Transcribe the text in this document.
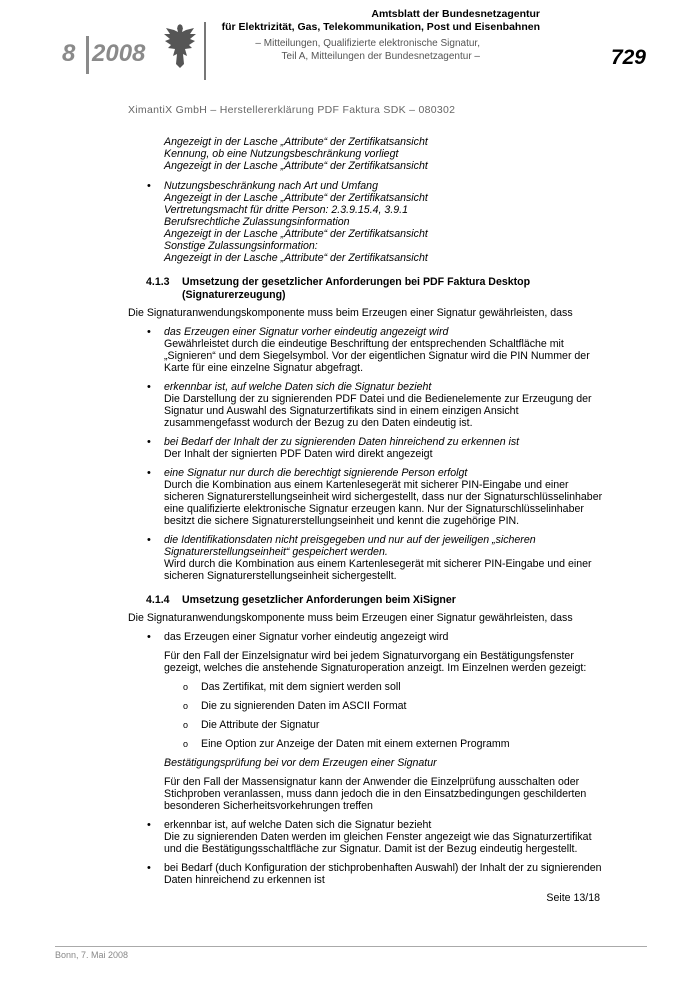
8 2008
Amtsblatt der Bundesnetzagentur
für Elektrizität, Gas, Telekommunikation, Post und Eisenbahnen
– Mitteilungen, Qualifizierte elektronische Signatur,
Teil A, Mitteilungen der Bundesnetzagentur –	729
XimantiX GmbH – Herstellererklärung PDF Faktura SDK – 080302
Angezeigt in der Lasche „Attribute“ der Zertifikatsansicht
Kennung, ob eine Nutzungsbeschränkung vorliegt
Angezeigt in der Lasche „Attribute“ der Zertifikatsansicht
• Nutzungsbeschränkung nach Art und Umfang
Angezeigt in der Lasche „Attribute“ der Zertifikatsansicht
Vertretungsmacht für dritte Person: 2.3.9.15.4, 3.9.1
Berufsrechtliche Zulassungsinformation
Angezeigt in der Lasche „Attribute“ der Zertifikatsansicht
Sonstige Zulassungsinformation:
Angezeigt in der Lasche „Attribute“ der Zertifikatsansicht
4.1.3 Umsetzung der gesetzlicher Anforderungen bei PDF Faktura Desktop
(Signaturerzeugung)
Die Signaturanwendungskomponente muss beim Erzeugen einer Signatur gewährleisten, dass
• das Erzeugen einer Signatur vorher eindeutig angezeigt wird
Gewährleistet durch die eindeutige Beschriftung der entsprechenden Schaltfläche mit
„Signieren“ und dem Siegelsymbol. Vor der eigentlichen Signatur wird die PIN Nummer der
Karte für eine einzelne Signatur abgefragt.
• erkennbar ist, auf welche Daten sich die Signatur bezieht
Die Darstellung der zu signierenden PDF Datei und die Bedienelemente zur Erzeugung der
Signatur und Auswahl des Signaturzertifikats sind in einem einzigen Ansicht
zusammengefasst wodurch der Bezug zu den Daten eindeutig ist.
• bei Bedarf der Inhalt der zu signierenden Daten hinreichend zu erkennen ist
Der Inhalt der signierten PDF Daten wird direkt angezeigt
• eine Signatur nur durch die berechtigt signierende Person erfolgt
Durch die Kombination aus einem Kartenlesegerät mit sicherer PIN-Eingabe und einer
sicheren Signaturerstellungseinheit wird sichergestellt, dass nur der Signaturschlüsselinhaber
eine qualifizierte elektronische Signatur erzeugen kann. Nur der Signaturschlüsselinhaber
besitzt die sichere Signaturerstellungseinheit und kennt die zugehörige PIN.
• die Identifikationsdaten nicht preisgegeben und nur auf der jeweiligen „sicheren
Signaturerstellungseinheit“ gespeichert werden.
Wird durch die Kombination aus einem Kartenlesegerät mit sicherer PIN-Eingabe und einer
sicheren Signaturerstellungseinheit sichergestellt.
4.1.4 Umsetzung gesetzlicher Anforderungen beim XiSigner
Die Signaturanwendungskomponente muss beim Erzeugen einer Signatur gewährleisten, dass
• das Erzeugen einer Signatur vorher eindeutig angezeigt wird
Für den Fall der Einzelsignatur wird bei jedem Signaturvorgang ein Bestätigungsfenster
gezeigt, welches die anstehende Signaturoperation anzeigt. Im Einzelnen werden gezeigt:
o Das Zertifikat, mit dem signiert werden soll
o Die zu signierenden Daten im ASCII Format
o Die Attribute der Signatur
o Eine Option zur Anzeige der Daten mit einem externen Programm
Bestätigungsprüfung bei vor dem Erzeugen einer Signatur
Für den Fall der Massensignatur kann der Anwender die Einzelprüfung ausschalten oder
Stichproben veranlassen, muss dann jedoch die in den Einsatzbedingungen geschilderten
besonderen Sicherheitsvorkehrungen treffen
• erkennbar ist, auf welche Daten sich die Signatur bezieht
Die zu signierenden Daten werden im gleichen Fenster angezeigt wie das Signaturzertifikat
und die Bestätigungsschaltfläche zur Signatur. Damit ist der Bezug eindeutig hergestellt.
• bei Bedarf (duch Konfiguration der stichprobenhaften Auswahl) der Inhalt der zu signierenden
Daten hinreichend zu erkennen ist
Seite 13/18
Bonn, 7. Mai 2008
